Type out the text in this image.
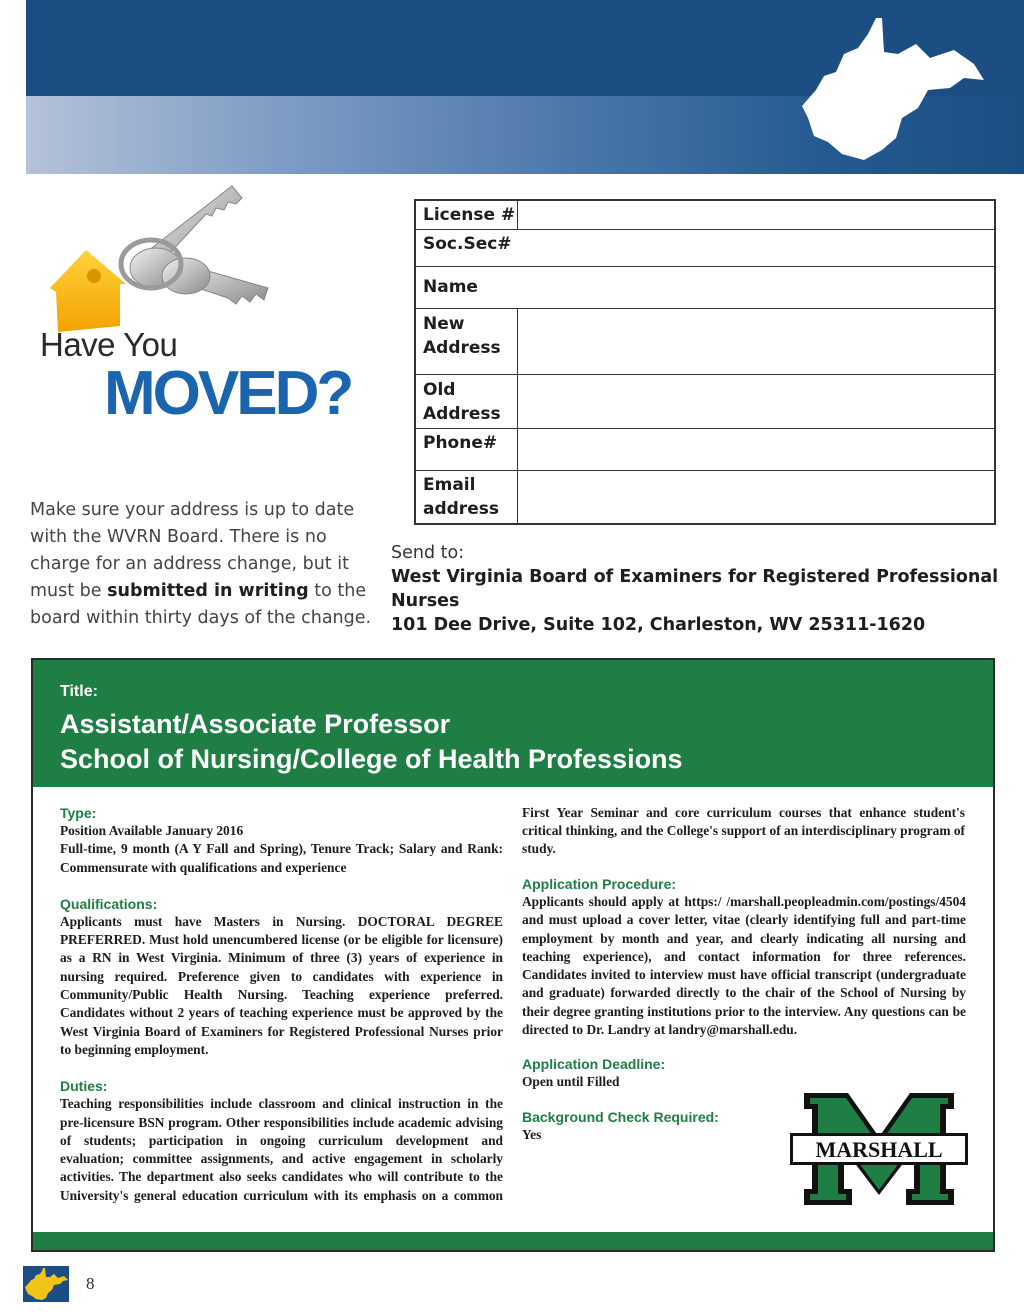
Have You
MOVED?
Make sure your address is up to date with the WVRN Board. There is no charge for an address change, but it must be submitted in writing to the board within thirty days of the change.
License #
Soc.Sec#
Name
New
Address
Old
Address
Phone#
Email
address
Send to:
West Virginia Board of Examiners for Registered Professional
Nurses
101 Dee Drive, Suite 102, Charleston, WV 25311-1620
Title:
Assistant/Associate Professor
School of Nursing/College of Health Professions
Type:

Position Available January 2016

Full-time, 9 month (A Y Fall and Spring), Tenure Track; Salary and Rank: Commensurate with qualifications and experience

Qualifications:

Applicants must have Masters in Nursing. DOCTORAL DEGREE PREFERRED. Must hold unencumbered license (or be eligible for licensure) as a RN in West Virginia. Minimum of three (3) years of experience in nursing required. Preference given to candidates with experience in Community/Public Health Nursing. Teaching experience preferred. Candidates without 2 years of teaching experience must be approved by the West Virginia Board of Examiners for Registered Professional Nurses prior to beginning employment.

Duties:

Teaching responsibilities include classroom and clinical instruction in the pre-licensure BSN program. Other responsibilities include academic advising of students; participation in ongoing curriculum development and evaluation; committee assignments, and active engagement in scholarly activities. The department also seeks candidates who will contribute to the University's general education curriculum with its emphasis on a common

First Year Seminar and core curriculum courses that enhance student's critical thinking, and the College's support of an interdisciplinary program of study.

Application Procedure:

Applicants should apply at https:/ /marshall.peopleadmin.com/postings/4504 and must upload a cover letter, vitae (clearly identifying full and part-time employment by month and year, and clearly indicating all nursing and teaching experience), and contact information for three references. Candidates invited to interview must have official transcript (undergraduate and graduate) forwarded directly to the chair of the School of Nursing by their degree granting institutions prior to the interview. Any questions can be directed to Dr. Landry at landry@marshall.edu.

Application Deadline:

Open until Filled

Background Check Required:

Yes

MARSHALL
8
